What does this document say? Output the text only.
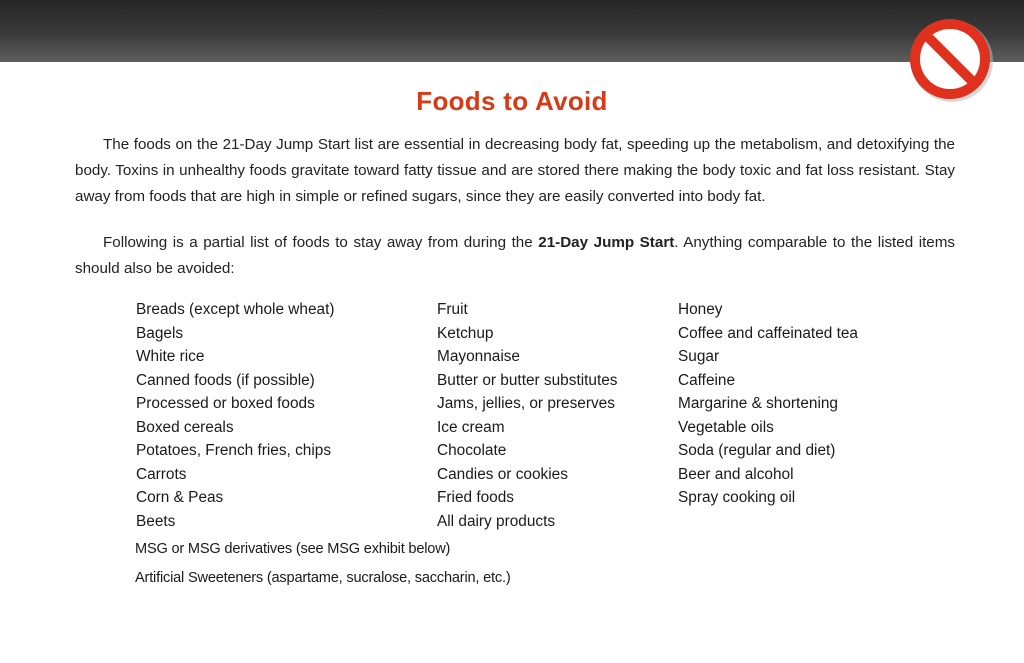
Foods to Avoid
The foods on the 21-Day Jump Start list are essential in decreasing body fat, speeding up the metabolism, and detoxifying the body. Toxins in unhealthy foods gravitate toward fatty tissue and are stored there making the body toxic and fat loss resistant. Stay away from foods that are high in simple or refined sugars, since they are easily converted into body fat.
Following is a partial list of foods to stay away from during the 21-Day Jump Start. Anything comparable to the listed items should also be avoided:
Breads (except whole wheat)
Bagels
White rice
Canned foods (if possible)
Processed or boxed foods
Boxed cereals
Potatoes, French fries, chips
Carrots
Corn & Peas
Beets
Fruit
Ketchup
Mayonnaise
Butter or butter substitutes
Jams, jellies, or preserves
Ice cream
Chocolate
Candies or cookies
Fried foods
All dairy products
Honey
Coffee and caffeinated tea
Sugar
Caffeine
Margarine & shortening
Vegetable oils
Soda (regular and diet)
Beer and alcohol
Spray cooking oil
MSG or MSG derivatives (see MSG exhibit below)
Artificial Sweeteners (aspartame, sucralose, saccharin, etc.)
